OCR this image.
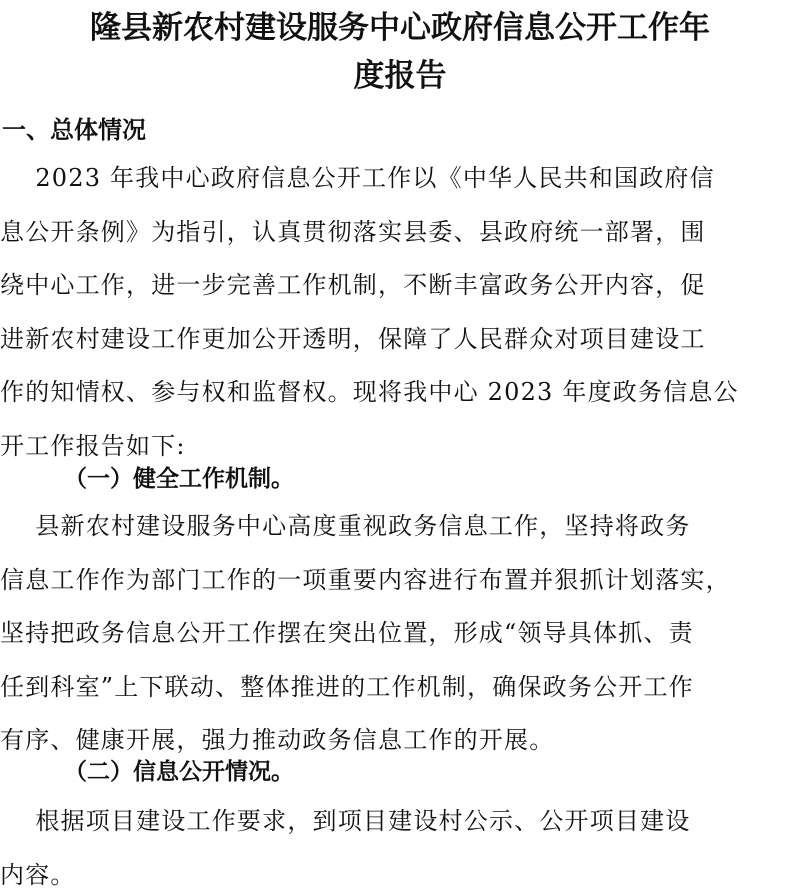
隆县新农村建设服务中心政府信息公开工作年
度报告
一、总体情况
2023 年我中心政府信息公开工作以《中华人民共和国政府信
息公开条例》为指引，认真贯彻落实县委、县政府统一部署，围
绕中心工作，进一步完善工作机制，不断丰富政务公开内容，促
进新农村建设工作更加公开透明，保障了人民群众对项目建设工
作的知情权、参与权和监督权。现将我中心 2023 年度政务信息公
开工作报告如下:
（一）健全工作机制。
县新农村建设服务中心高度重视政务信息工作，坚持将政务
信息工作作为部门工作的一项重要内容进行布置并狠抓计划落实，
坚持把政务信息公开工作摆在突出位置，形成“领导具体抓、责
任到科室”上下联动、整体推进的工作机制，确保政务公开工作
有序、健康开展，强力推动政务信息工作的开展。
（二）信息公开情况。
根据项目建设工作要求，到项目建设村公示、公开项目建设
内容。
